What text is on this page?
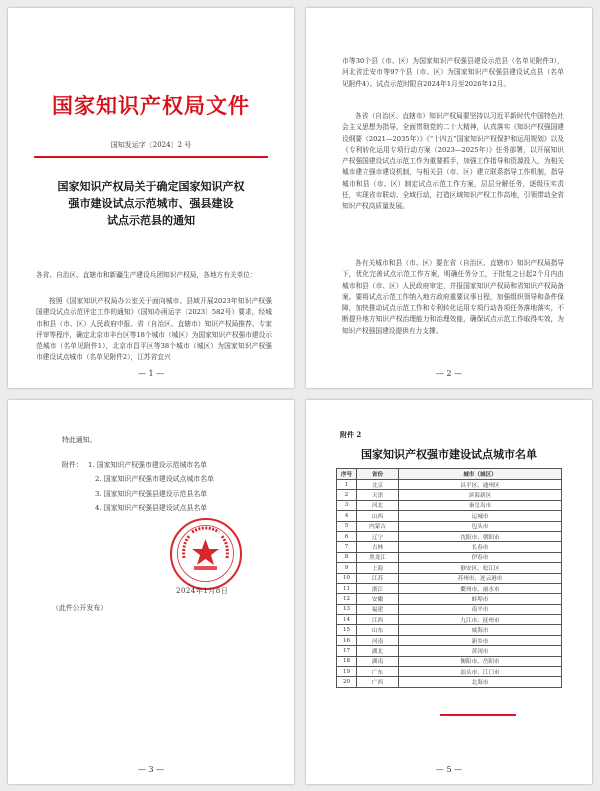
国家知识产权局文件
国知发运字〔2024〕2 号
国家知识产权局关于确定国家知识产权
强市建设试点示范城市、强县建设
试点示范县的通知
各省、自治区、直辖市和新疆生产建设兵团知识产权局，各地方有关单位：
按照《国家知识产权局办公室关于面向城市、县域开展2023年知识产权强国建设试点示范评定工作的通知》（国知办函运字〔2023〕582号）要求，经城市和县（市、区）人民政府申报、省（自治区、直辖市）知识产权局推荐、专家评审等程序，确定北京市丰台区等18个城市（城区）为国家知识产权强市建设示范城市（名单见附件1），北京市昌平区等38个城市（城区）为国家知识产权强市建设试点城市（名单见附件2），江苏省宜兴
— 1 —
市等30个县（市、区）为国家知识产权强县建设示范县（名单见附件3），河北省迁安市等97个县（市、区）为国家知识产权强县建设试点县（名单见附件4）。试点示范时限自2024年1月至2026年12月。
各省（自治区、直辖市）知识产权局要坚持以习近平新时代中国特色社会主义思想为指导，全面贯彻党的二十大精神，认真落实《知识产权强国建设纲要（2021—2035年）》《“十四五”国家知识产权保护和运用规划》以及《专利转化运用专项行动方案（2023—2025年）》任务部署，以开展知识产权强国建设试点示范工作为重要抓手，加强工作指导和资源投入，为相关城市建立强市建设机制，与相关县（市、区）建立联系指导工作机制，指导城市和县（市、区）制定试点示范工作方案，层层分解任务，逐级压实责任，实现省市联动、全域行动，打造区域知识产权工作高地，引领带动全省知识产权高质量发展。
各有关城市和县（市、区）要在省（自治区、直辖市）知识产权局指导下，优化完善试点示范工作方案，明确任务分工，于批复之日起2个月内由城市和县（市、区）人民政府审定，并报国家知识产权局和省知识产权局备案。要将试点示范工作纳入地方政府重要议事日程，加强组织领导和条件保障，加快推动试点示范工作和专利转化运用专项行动各项任务落地落实，不断提升地方知识产权治理能力和治理效能，确保试点示范工作取得实效，为知识产权强国建设提供有力支撑。
— 2 —
特此通知。
附件： 1. 国家知识产权强市建设示范城市名单
2. 国家知识产权强市建设试点城市名单
3. 国家知识产权强县建设示范县名单
4. 国家知识产权强县建设试点县名单
2024年1月8日
（此件公开发布）
— 3 —
附件 2
国家知识产权强市建设试点城市名单
序号	省份	城市（城区）
1	北京	昌平区、通州区
2	天津	滨海新区
3	河北	秦皇岛市
4	山西	运城市
5	内蒙古	包头市
6	辽宁	沈阳市、朝阳市
7	吉林	长春市
8	黑龙江	伊春市
9	上海	静安区、松江区
10	江苏	苏州市、连云港市
11	浙江	衢州市、丽水市
12	安徽	蚌埠市
13	福建	南平市
14	江西	九江市、抚州市
15	山东	威海市
16	河南	新乡市
17	湖北	黄冈市
18	湖南	衡阳市、岳阳市
19	广东	汕头市、江门市
20	广西	北海市
— 5 —
